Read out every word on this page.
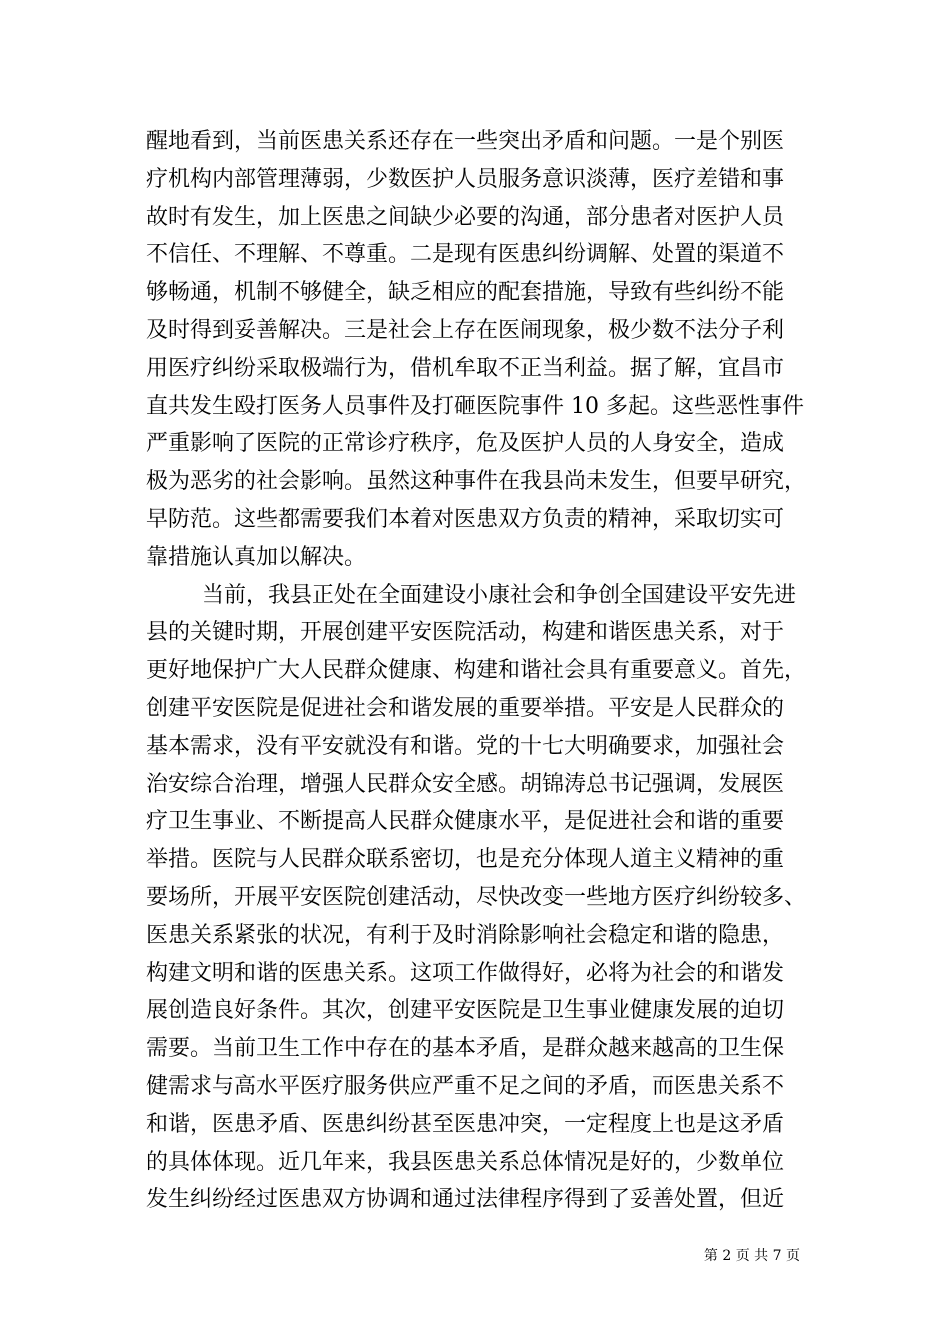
醒地看到，当前医患关系还存在一些突出矛盾和问题。一是个别医
疗机构内部管理薄弱，少数医护人员服务意识淡薄，医疗差错和事
故时有发生，加上医患之间缺少必要的沟通，部分患者对医护人员
不信任、不理解、不尊重。二是现有医患纠纷调解、处置的渠道不
够畅通，机制不够健全，缺乏相应的配套措施，导致有些纠纷不能
及时得到妥善解决。三是社会上存在医闹现象，极少数不法分子利
用医疗纠纷采取极端行为，借机牟取不正当利益。据了解，宜昌市
直共发生殴打医务人员事件及打砸医院事件 10 多起。这些恶性事件
严重影响了医院的正常诊疗秩序，危及医护人员的人身安全，造成
极为恶劣的社会影响。虽然这种事件在我县尚未发生，但要早研究，
早防范。这些都需要我们本着对医患双方负责的精神，采取切实可
靠措施认真加以解决。
当前，我县正处在全面建设小康社会和争创全国建设平安先进
县的关键时期，开展创建平安医院活动，构建和谐医患关系，对于
更好地保护广大人民群众健康、构建和谐社会具有重要意义。首先，
创建平安医院是促进社会和谐发展的重要举措。平安是人民群众的
基本需求，没有平安就没有和谐。党的十七大明确要求，加强社会
治安综合治理，增强人民群众安全感。胡锦涛总书记强调，发展医
疗卫生事业、不断提高人民群众健康水平，是促进社会和谐的重要
举措。医院与人民群众联系密切，也是充分体现人道主义精神的重
要场所，开展平安医院创建活动，尽快改变一些地方医疗纠纷较多、
医患关系紧张的状况，有利于及时消除影响社会稳定和谐的隐患，
构建文明和谐的医患关系。这项工作做得好，必将为社会的和谐发
展创造良好条件。其次，创建平安医院是卫生事业健康发展的迫切
需要。当前卫生工作中存在的基本矛盾，是群众越来越高的卫生保
健需求与高水平医疗服务供应严重不足之间的矛盾，而医患关系不
和谐，医患矛盾、医患纠纷甚至医患冲突，一定程度上也是这矛盾
的具体体现。近几年来，我县医患关系总体情况是好的，少数单位
发生纠纷经过医患双方协调和通过法律程序得到了妥善处置，但近
第 2 页 共 7 页
